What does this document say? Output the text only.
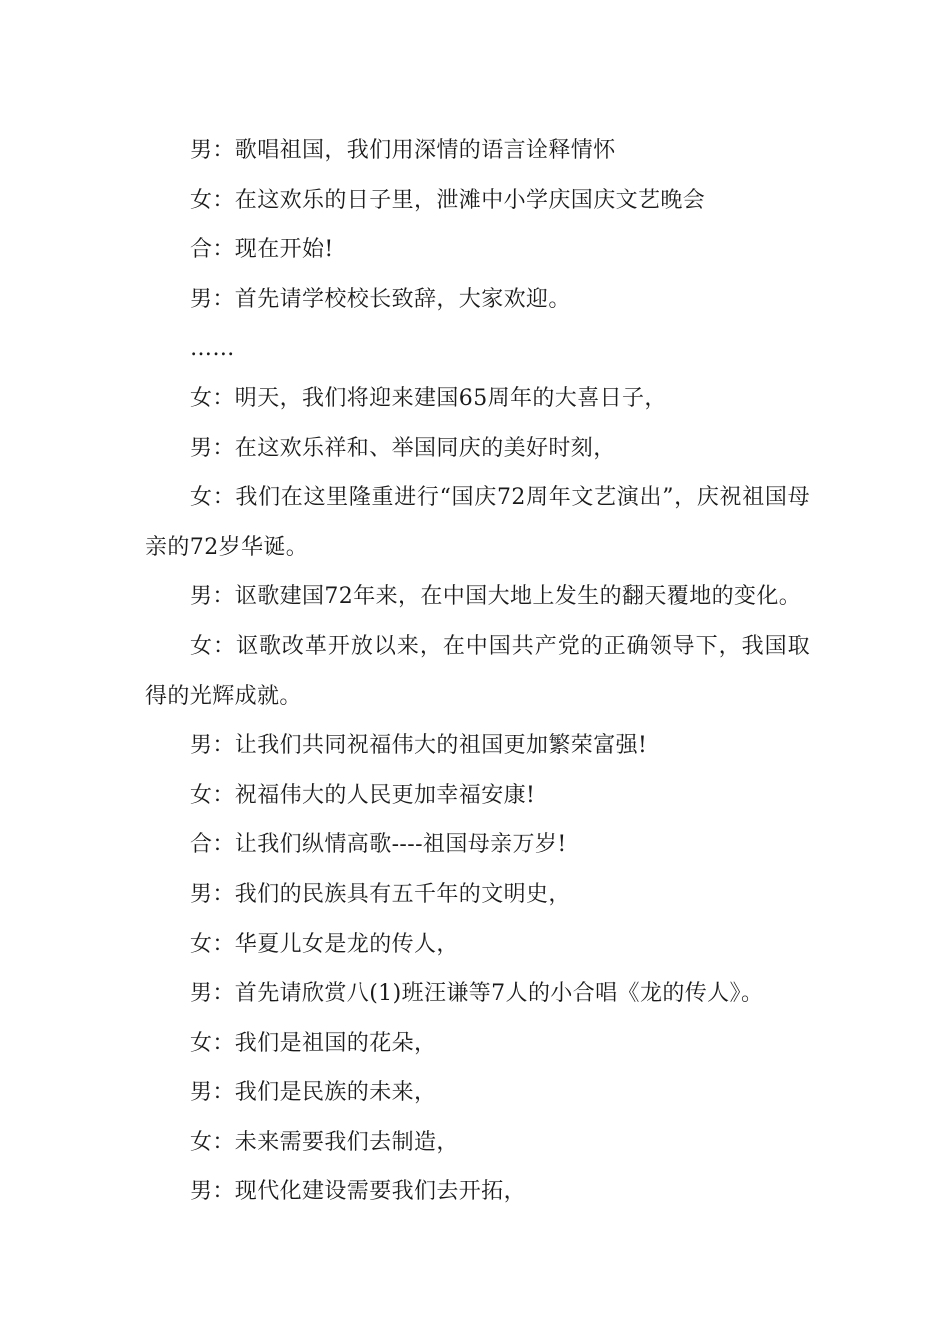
男：歌唱祖国，我们用深情的语言诠释情怀

女：在这欢乐的日子里，泄滩中小学庆国庆文艺晚会

合：现在开始!

男：首先请学校校长致辞，大家欢迎。

……

女：明天，我们将迎来建国65周年的大喜日子，

男：在这欢乐祥和、举国同庆的美好时刻，

女：我们在这里隆重进行“国庆72周年文艺演出”，庆祝祖国母亲的72岁华诞。

男：讴歌建国72年来，在中国大地上发生的翻天覆地的变化。

女：讴歌改革开放以来，在中国共产党的正确领导下，我国取得的光辉成就。

男：让我们共同祝福伟大的祖国更加繁荣富强!

女：祝福伟大的人民更加幸福安康!

合：让我们纵情高歌----祖国母亲万岁!

男：我们的民族具有五千年的文明史，

女：华夏儿女是龙的传人，

男：首先请欣赏八(1)班汪谦等7人的小合唱《龙的传人》。

女：我们是祖国的花朵，

男：我们是民族的未来，

女：未来需要我们去制造，

男：现代化建设需要我们去开拓，
